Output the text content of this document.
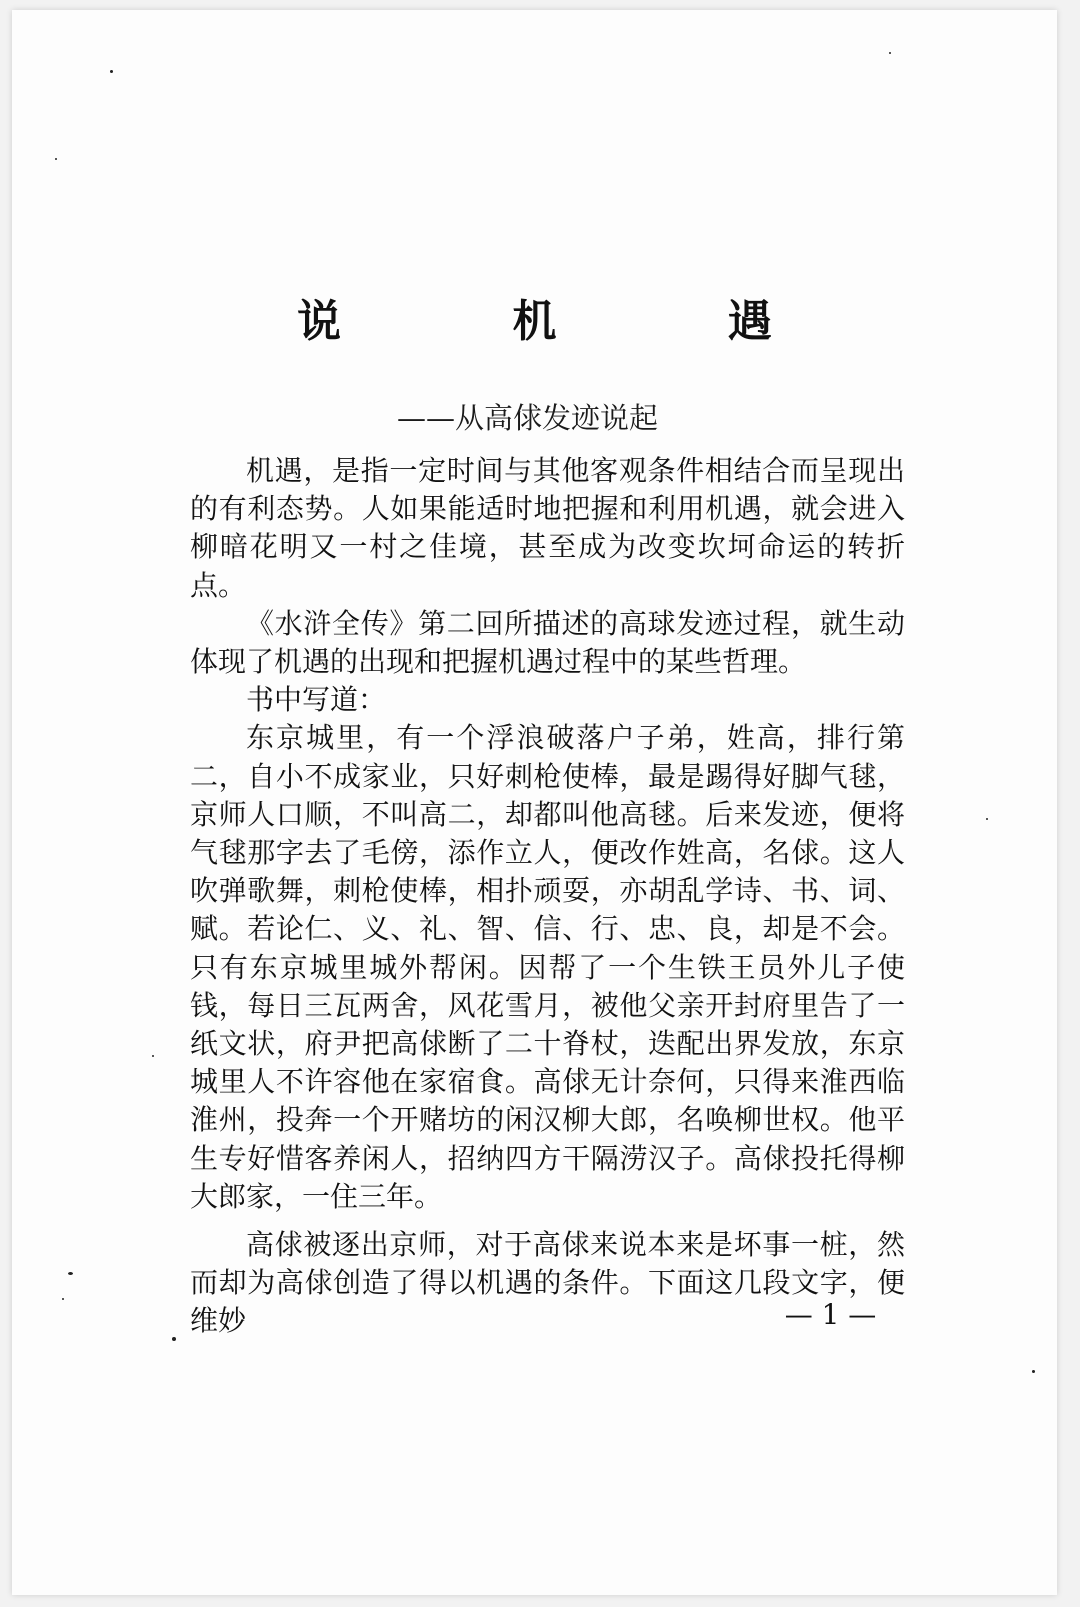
说 机 遇
——从高俅发迹说起

机遇，是指一定时间与其他客观条件相结合而呈现出的有利态势。人如果能适时地把握和利用机遇，就会进入柳暗花明又一村之佳境，甚至成为改变坎坷命运的转折点。

《水浒全传》第二回所描述的高球发迹过程，就生动体现了机遇的出现和把握机遇过程中的某些哲理。

书中写道：

东京城里，有一个浮浪破落户子弟，姓高，排行第二，自小不成家业，只好刺枪使棒，最是踢得好脚气毬，京师人口顺，不叫高二，却都叫他高毬。后来发迹，便将气毬那字去了毛傍，添作立人，便改作姓高，名俅。这人吹弹歌舞，刺枪使棒，相扑顽耍，亦胡乱学诗、书、词、赋。若论仁、义、礼、智、信、行、忠、良，却是不会。只有东京城里城外帮闲。因帮了一个生铁王员外儿子使钱，每日三瓦两舍，风花雪月，被他父亲开封府里告了一纸文状，府尹把高俅断了二十脊杖，迭配出界发放，东京城里人不许容他在家宿食。高俅无计奈何，只得来淮西临淮州，投奔一个开赌坊的闲汉柳大郎，名唤柳世权。他平生专好惜客养闲人，招纳四方干隔涝汉子。高俅投托得柳大郎家，一住三年。

高俅被逐出京师，对于高俅来说本来是坏事一桩，然而却为高俅创造了得以机遇的条件。下面这几段文字，便维妙	— 1 —
